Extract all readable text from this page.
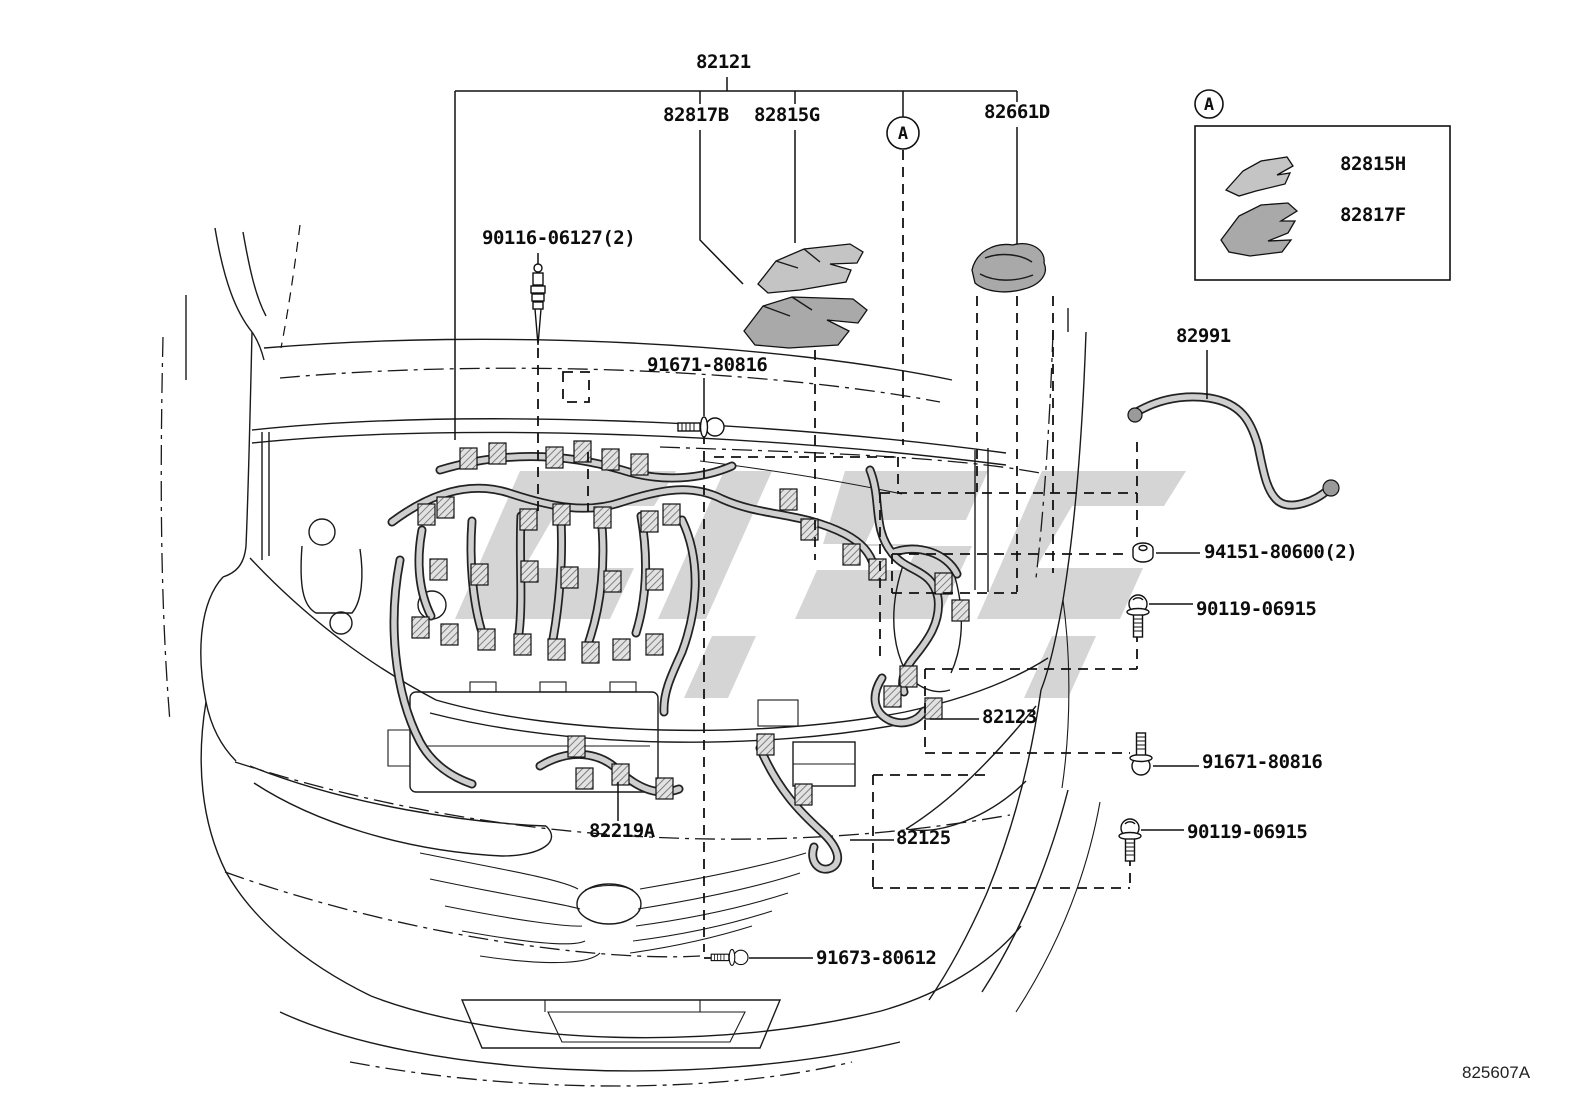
A
A
82121
82817B 82815G	82661D
82815H
82817F
90116-06127(2)
91671-80816
82991
94151-80600(2)
90119-06915
82123
91671-80816
90119-06915
82219A	82125
91673-80612
825607A
